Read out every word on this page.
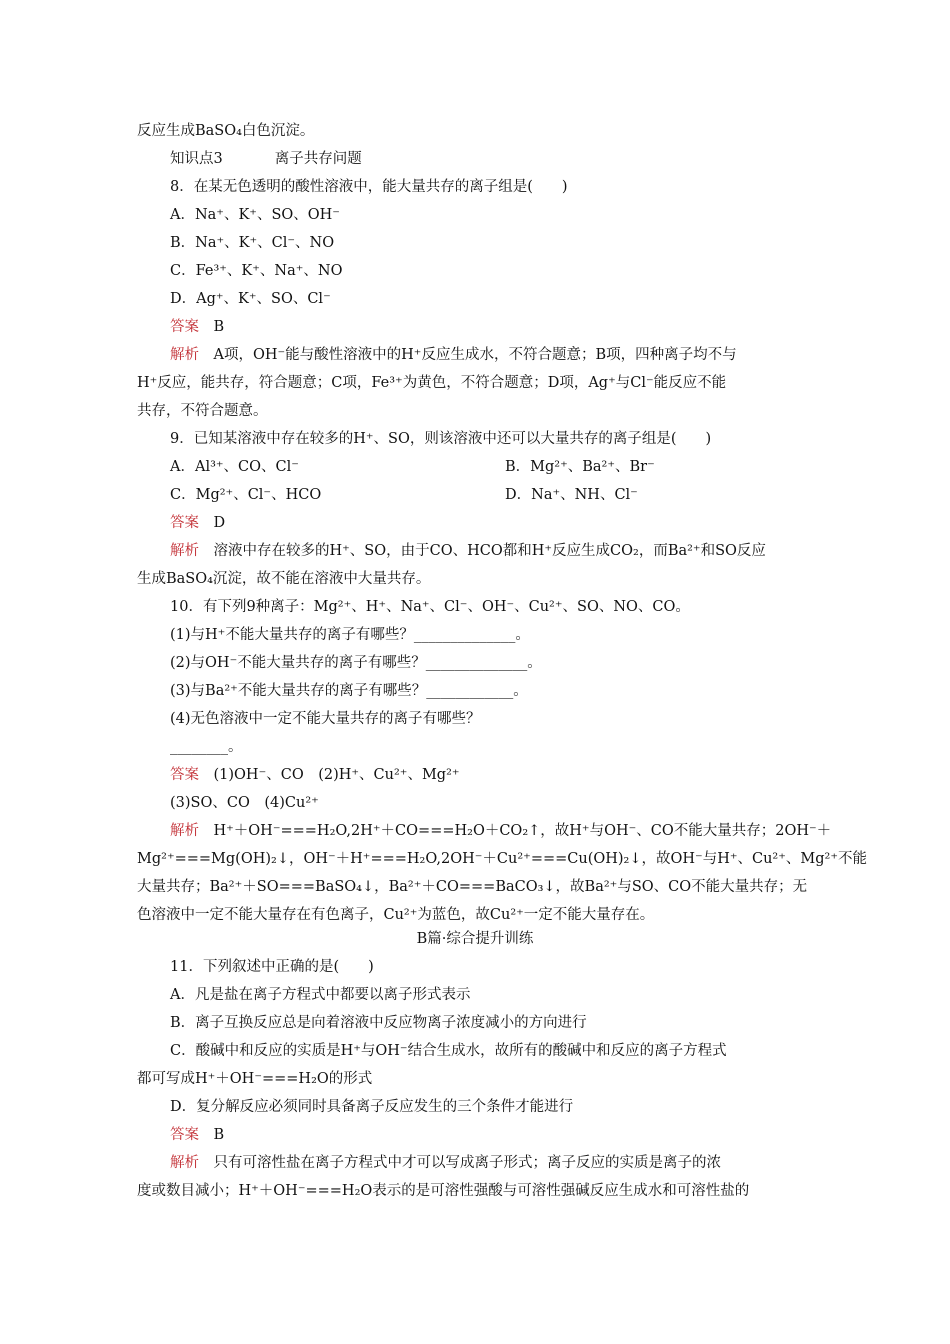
反应生成BaSO₄白色沉淀。
知识点3	离子共存问题
8．在某无色透明的酸性溶液中，能大量共存的离子组是(　　)
A．Na⁺、K⁺、SO、OH⁻
B．Na⁺、K⁺、Cl⁻、NO
C．Fe³⁺、K⁺、Na⁺、NO
D．Ag⁺、K⁺、SO、Cl⁻
答案　 B
解析　 A项，OH⁻能与酸性溶液中的H⁺反应生成水，不符合题意；B项，四种离子均不与
H⁺反应，能共存，符合题意；C项，Fe³⁺为黄色，不符合题意；D项，Ag⁺与Cl⁻能反应不能
共存，不符合题意。
9．已知某溶液中存在较多的H⁺、SO，则该溶液中还可以大量共存的离子组是(　　)
A．Al³⁺、CO、Cl⁻	B．Mg²⁺、Ba²⁺、Br⁻
C．Mg²⁺、Cl⁻、HCO	D．Na⁺、NH、Cl⁻
答案　 D
解析　 溶液中存在较多的H⁺、SO，由于CO、HCO都和H⁺反应生成CO₂，而Ba²⁺和SO反应
生成BaSO₄沉淀，故不能在溶液中大量共存。
10．有下列9种离子：Mg²⁺、H⁺、Na⁺、Cl⁻、OH⁻、Cu²⁺、SO、NO、CO。
(1)与H⁺不能大量共存的离子有哪些？______________。
(2)与OH⁻不能大量共存的离子有哪些？______________。
(3)与Ba²⁺不能大量共存的离子有哪些？____________。
(4)无色溶液中一定不能大量共存的离子有哪些？
________。
答案　 (1)OH⁻、CO　(2)H⁺、Cu²⁺、Mg²⁺
(3)SO、CO　(4)Cu²⁺
解析　 H⁺＋OH⁻===H₂O,2H⁺＋CO===H₂O＋CO₂↑，故H⁺与OH⁻、CO不能大量共存；2OH⁻＋
Mg²⁺===Mg(OH)₂↓，OH⁻＋H⁺===H₂O,2OH⁻＋Cu²⁺===Cu(OH)₂↓，故OH⁻与H⁺、Cu²⁺、Mg²⁺不能
大量共存；Ba²⁺＋SO===BaSO₄↓，Ba²⁺＋CO===BaCO₃↓，故Ba²⁺与SO、CO不能大量共存；无
色溶液中一定不能大量存在有色离子，Cu²⁺为蓝色，故Cu²⁺一定不能大量存在。
B篇·综合提升训练
11．下列叙述中正确的是(　　)
A．凡是盐在离子方程式中都要以离子形式表示
B．离子互换反应总是向着溶液中反应物离子浓度减小的方向进行
C．酸碱中和反应的实质是H⁺与OH⁻结合生成水，故所有的酸碱中和反应的离子方程式
都可写成H⁺＋OH⁻===H₂O的形式
D．复分解反应必须同时具备离子反应发生的三个条件才能进行
答案　 B
解析　 只有可溶性盐在离子方程式中才可以写成离子形式；离子反应的实质是离子的浓
度或数目减小；H⁺＋OH⁻===H₂O表示的是可溶性强酸与可溶性强碱反应生成水和可溶性盐的
